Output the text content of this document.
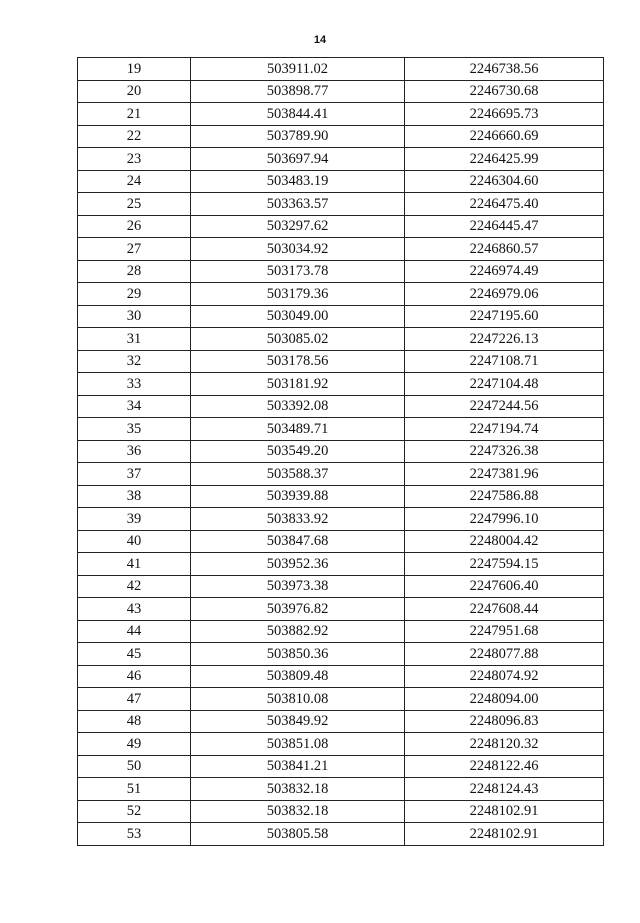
14
19	503911.02	2246738.56
20	503898.77	2246730.68
21	503844.41	2246695.73
22	503789.90	2246660.69
23	503697.94	2246425.99
24	503483.19	2246304.60
25	503363.57	2246475.40
26	503297.62	2246445.47
27	503034.92	2246860.57
28	503173.78	2246974.49
29	503179.36	2246979.06
30	503049.00	2247195.60
31	503085.02	2247226.13
32	503178.56	2247108.71
33	503181.92	2247104.48
34	503392.08	2247244.56
35	503489.71	2247194.74
36	503549.20	2247326.38
37	503588.37	2247381.96
38	503939.88	2247586.88
39	503833.92	2247996.10
40	503847.68	2248004.42
41	503952.36	2247594.15
42	503973.38	2247606.40
43	503976.82	2247608.44
44	503882.92	2247951.68
45	503850.36	2248077.88
46	503809.48	2248074.92
47	503810.08	2248094.00
48	503849.92	2248096.83
49	503851.08	2248120.32
50	503841.21	2248122.46
51	503832.18	2248124.43
52	503832.18	2248102.91
53	503805.58	2248102.91
